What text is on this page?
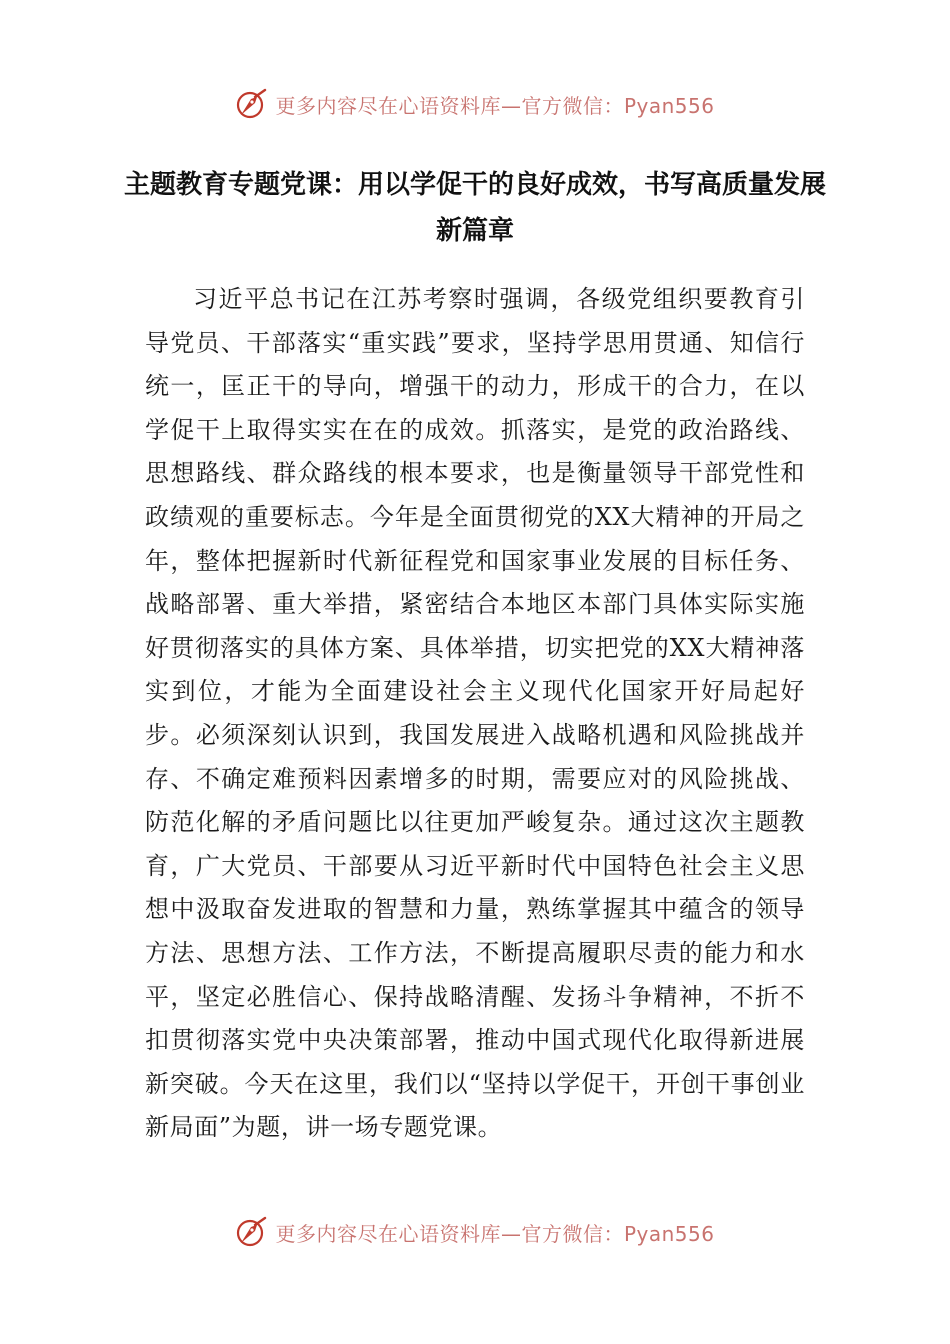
更多内容尽在心语资料库—官方微信：Pyan556
主题教育专题党课：用以学促干的良好成效，书写高质量发展新篇章

习近平总书记在江苏考察时强调，各级党组织要教育引导党员、干部落实“重实践”要求，坚持学思用贯通、知信行统一，匡正干的导向，增强干的动力，形成干的合力，在以学促干上取得实实在在的成效。抓落实，是党的政治路线、思想路线、群众路线的根本要求，也是衡量领导干部党性和政绩观的重要标志。今年是全面贯彻党的XX大精神的开局之年，整体把握新时代新征程党和国家事业发展的目标任务、战略部署、重大举措，紧密结合本地区本部门具体实际实施好贯彻落实的具体方案、具体举措，切实把党的XX大精神落实到位，才能为全面建设社会主义现代化国家开好局起好步。必须深刻认识到，我国发展进入战略机遇和风险挑战并存、不确定难预料因素增多的时期，需要应对的风险挑战、防范化解的矛盾问题比以往更加严峻复杂。通过这次主题教育，广大党员、干部要从习近平新时代中国特色社会主义思想中汲取奋发进取的智慧和力量，熟练掌握其中蕴含的领导方法、思想方法、工作方法，不断提高履职尽责的能力和水平，坚定必胜信心、保持战略清醒、发扬斗争精神，不折不扣贯彻落实党中央决策部署，推动中国式现代化取得新进展新突破。今天在这里，我们以“坚持以学促干，开创干事创业新局面”为题，讲一场专题党课。

更多内容尽在心语资料库—官方微信：Pyan556
